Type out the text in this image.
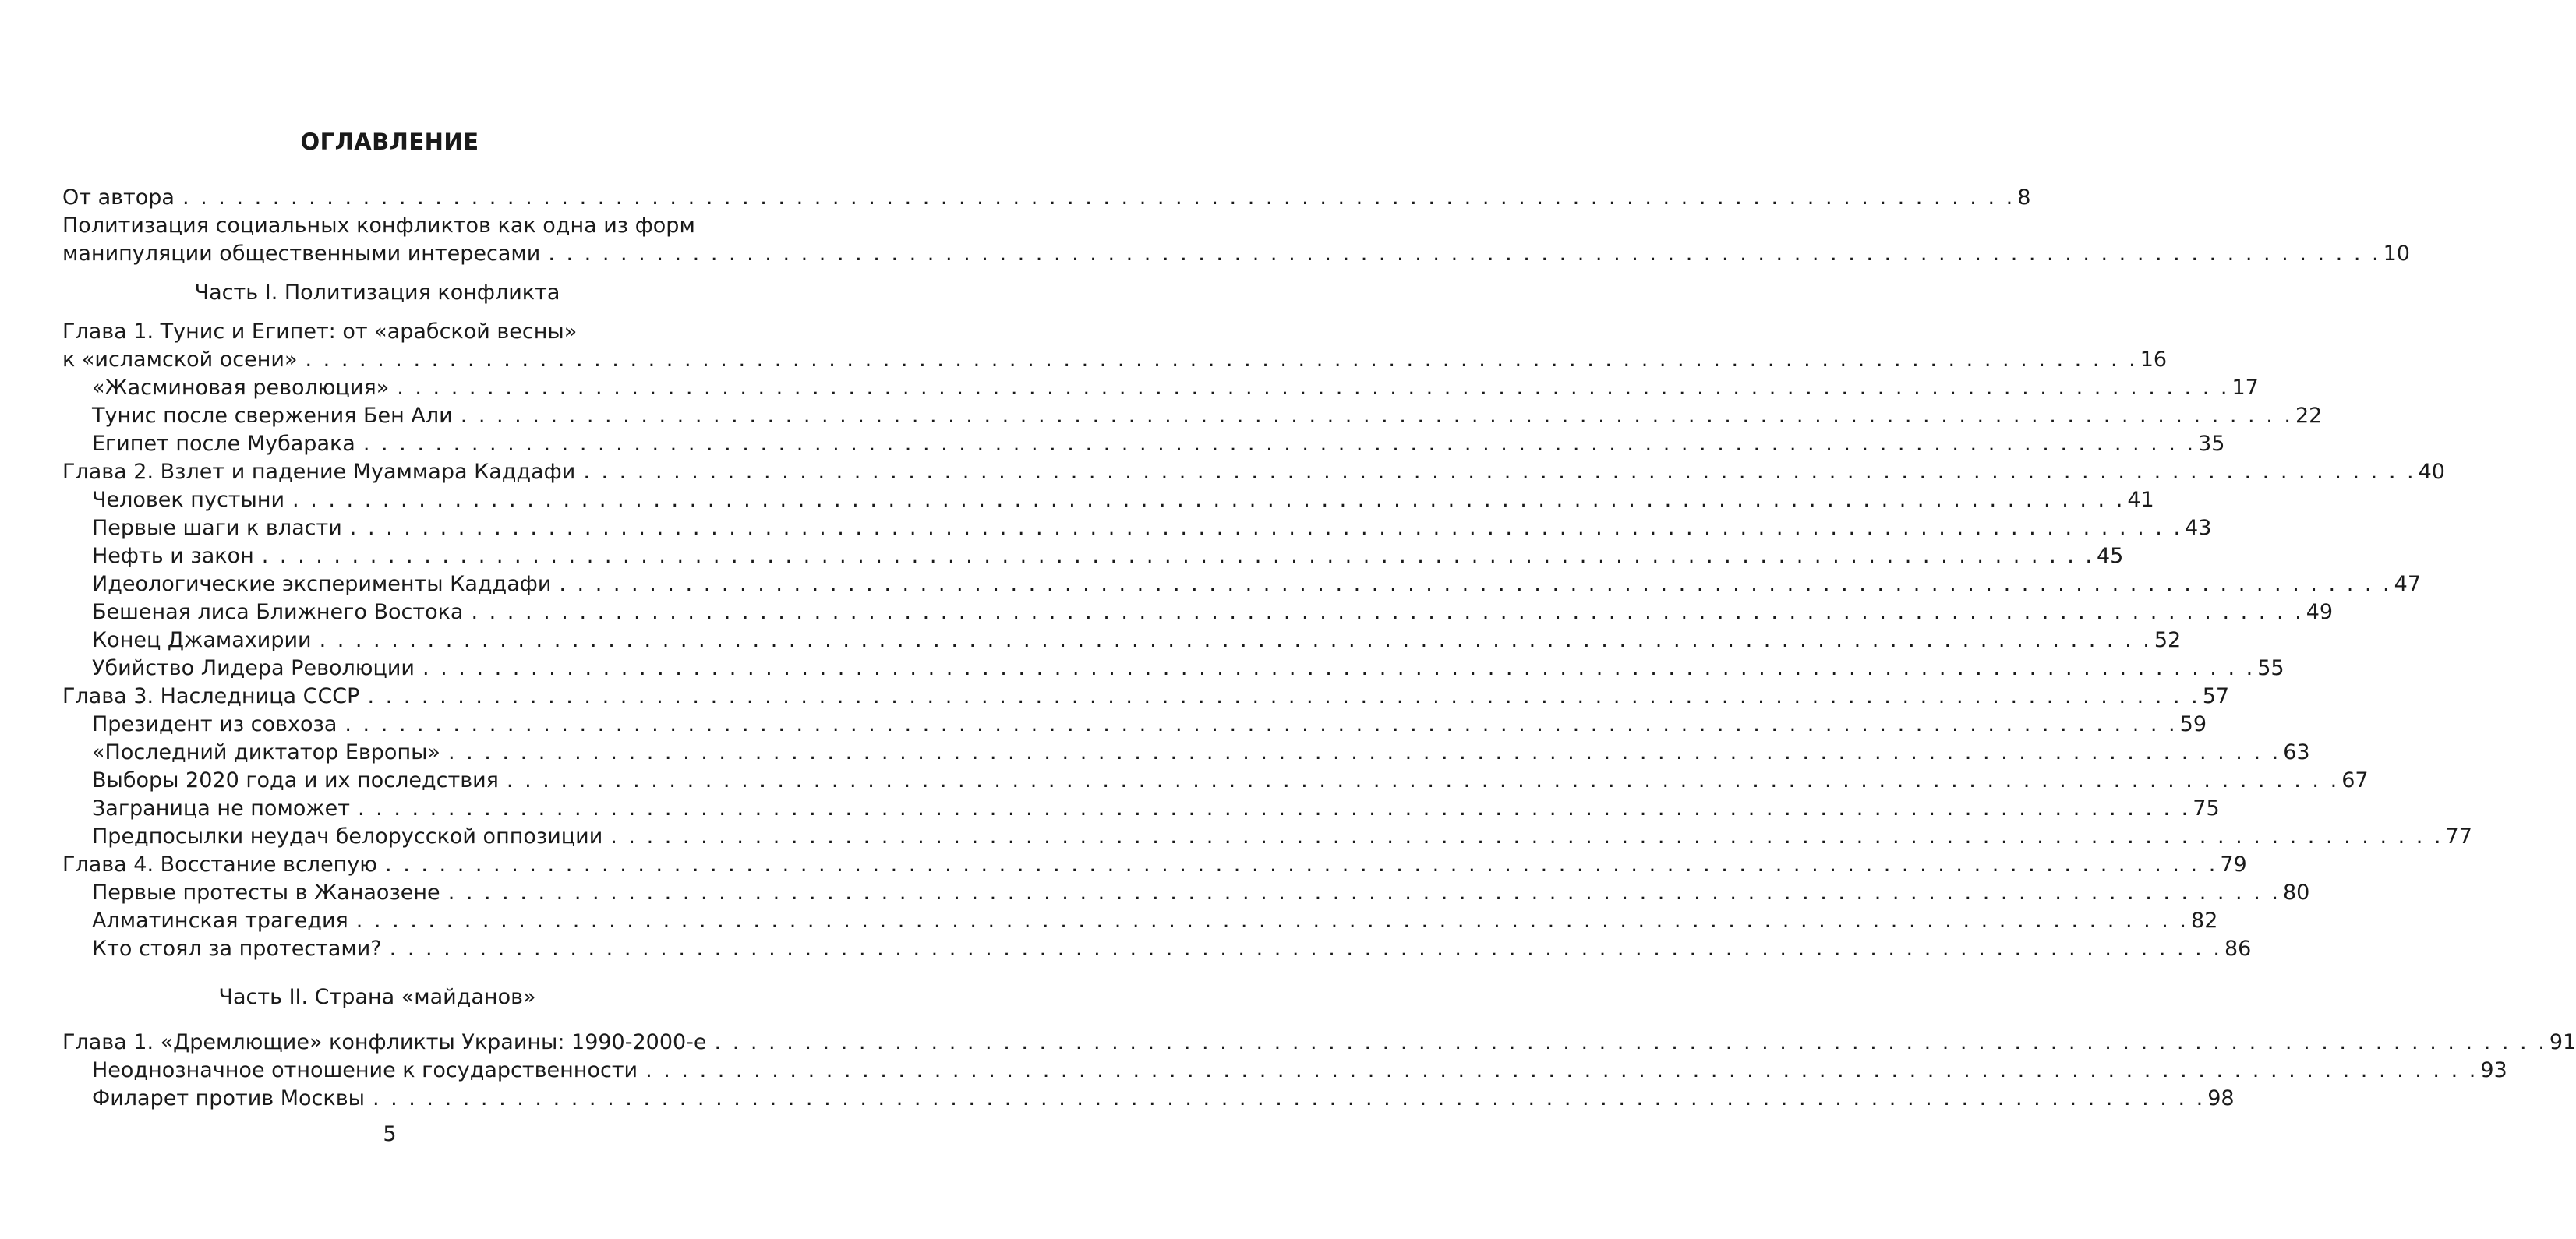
ОГЛАВЛЕНИЕ
От автора . . .	8
Политизация социальных конфликтов как одна из форм
манипуляции общественными интересами . . .	10
Часть I. Политизация конфликта
Глава 1. Тунис и Египет: от «арабской весны»
к «исламской осени» . . .	16
«Жасминовая революция» . . .	17
Тунис после свержения Бен Али . . .	22
Египет после Мубарака . . .	35
Глава 2. Взлет и падение Муаммара Каддафи . . .	40
Человек пустыни . . .	41
Первые шаги к власти . . .	43
Нефть и закон . . .	45
Идеологические эксперименты Каддафи . . .	47
Бешеная лиса Ближнего Востока . . .	49
Конец Джамахирии . . .	52
Убийство Лидера Революции . . .	55
Глава 3. Наследница СССР . . .	57
Президент из совхоза . . .	59
«Последний диктатор Европы» . . .	63
Выборы 2020 года и их последствия . . .	67
Заграница не поможет . . .	75
Предпосылки неудач белорусской оппозиции . . .	77
Глава 4. Восстание вслепую . . .	79
Первые протесты в Жанаозене . . .	80
Алматинская трагедия . . .	82
Кто стоял за протестами? . . .	86
Часть II. Страна «майданов»
Глава 1. «Дремлющие» конфликты Украины: 1990-2000-е . . .	91
Неоднозначное отношение к государственности . . .	93
Филарет против Москвы . . .	98
5
